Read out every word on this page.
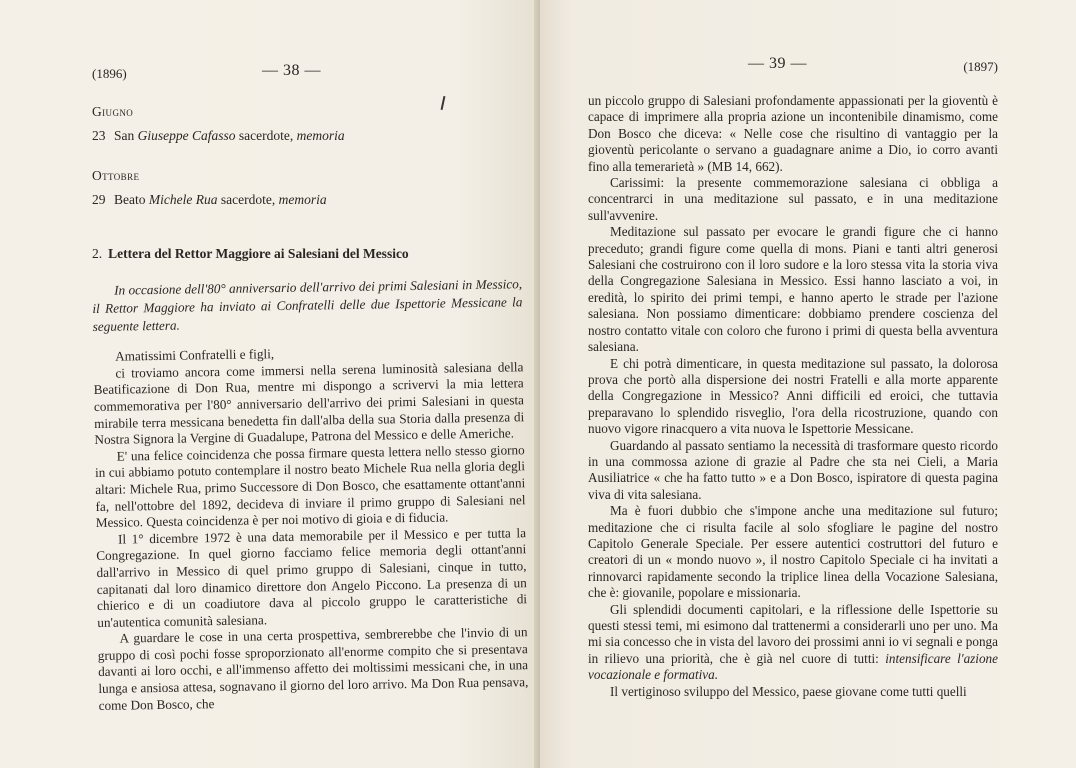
(1896)	— 38 —
Giugno
23 San Giuseppe Cafasso sacerdote, memoria
Ottobre
29 Beato Michele Rua sacerdote, memoria
2. Lettera del Rettor Maggiore ai Salesiani del Messico

In occasione dell'80° anniversario dell'arrivo dei primi Salesiani in Messico, il Rettor Maggiore ha inviato ai Confratelli delle due Ispettorie Messicane la seguente lettera.

Amatissimi Confratelli e figli,

ci troviamo ancora come immersi nella serena luminosità salesiana della Beatificazione di Don Rua, mentre mi dispongo a scrivervi la mia lettera commemorativa per l'80° anniversario dell'arrivo dei primi Salesiani in questa mirabile terra messicana benedetta fin dall'alba della sua Storia dalla presenza di Nostra Signora la Vergine di Guadalupe, Patrona del Messico e delle Americhe.

E' una felice coincidenza che possa firmare questa lettera nello stesso giorno in cui abbiamo potuto contemplare il nostro beato Michele Rua nella gloria degli altari: Michele Rua, primo Successore di Don Bosco, che esattamente ottant'anni fa, nell'ottobre del 1892, decideva di inviare il primo gruppo di Salesiani nel Messico. Questa coincidenza è per noi motivo di gioia e di fiducia.

Il 1° dicembre 1972 è una data memorabile per il Messico e per tutta la Congregazione. In quel giorno facciamo felice memoria degli ottant'anni dall'arrivo in Messico di quel primo gruppo di Salesiani, cinque in tutto, capitanati dal loro dinamico direttore don Angelo Piccono. La presenza di un chierico e di un coadiutore dava al piccolo gruppo le caratteristiche di un'autentica comunità salesiana.

A guardare le cose in una certa prospettiva, sembrerebbe che l'invio di un gruppo di così pochi fosse sproporzionato all'enorme compito che si presentava davanti ai loro occhi, e all'immenso affetto dei moltissimi messicani che, in una lunga e ansiosa attesa, sognavano il giorno del loro arrivo. Ma Don Rua pensava, come Don Bosco, che

— 39 —	(1897)

un piccolo gruppo di Salesiani profondamente appassionati per la gioventù è capace di imprimere alla propria azione un incontenibile dinamismo, come Don Bosco che diceva: « Nelle cose che risultino di vantaggio per la gioventù pericolante o servano a guadagnare anime a Dio, io corro avanti fino alla temerarietà » (MB 14, 662).

Carissimi: la presente commemorazione salesiana ci obbliga a concentrarci in una meditazione sul passato, e in una meditazione sull'avvenire.

Meditazione sul passato per evocare le grandi figure che ci hanno preceduto; grandi figure come quella di mons. Piani e tanti altri generosi Salesiani che costruirono con il loro sudore e la loro stessa vita la storia viva della Congregazione Salesiana in Messico. Essi hanno lasciato a voi, in eredità, lo spirito dei primi tempi, e hanno aperto le strade per l'azione salesiana. Non possiamo dimenticare: dobbiamo prendere coscienza del nostro contatto vitale con coloro che furono i primi di questa bella avventura salesiana.

E chi potrà dimenticare, in questa meditazione sul passato, la dolorosa prova che portò alla dispersione dei nostri Fratelli e alla morte apparente della Congregazione in Messico? Anni difficili ed eroici, che tuttavia preparavano lo splendido risveglio, l'ora della ricostruzione, quando con nuovo vigore rinacquero a vita nuova le Ispettorie Messicane.

Guardando al passato sentiamo la necessità di trasformare questo ricordo in una commossa azione di grazie al Padre che sta nei Cieli, a Maria Ausiliatrice « che ha fatto tutto » e a Don Bosco, ispiratore di questa pagina viva di vita salesiana.

Ma è fuori dubbio che s'impone anche una meditazione sul futuro; meditazione che ci risulta facile al solo sfogliare le pagine del nostro Capitolo Generale Speciale. Per essere autentici costruttori del futuro e creatori di un « mondo nuovo », il nostro Capitolo Speciale ci ha invitati a rinnovarci rapidamente secondo la triplice linea della Vocazione Salesiana, che è: giovanile, popolare e missionaria.

Gli splendidi documenti capitolari, e la riflessione delle Ispettorie su questi stessi temi, mi esimono dal trattenermi a considerarli uno per uno. Ma mi sia concesso che in vista del lavoro dei prossimi anni io vi segnali e ponga in rilievo una priorità, che è già nel cuore di tutti: intensificare l'azione vocazionale e formativa.

Il vertiginoso sviluppo del Messico, paese giovane come tutti quelli
